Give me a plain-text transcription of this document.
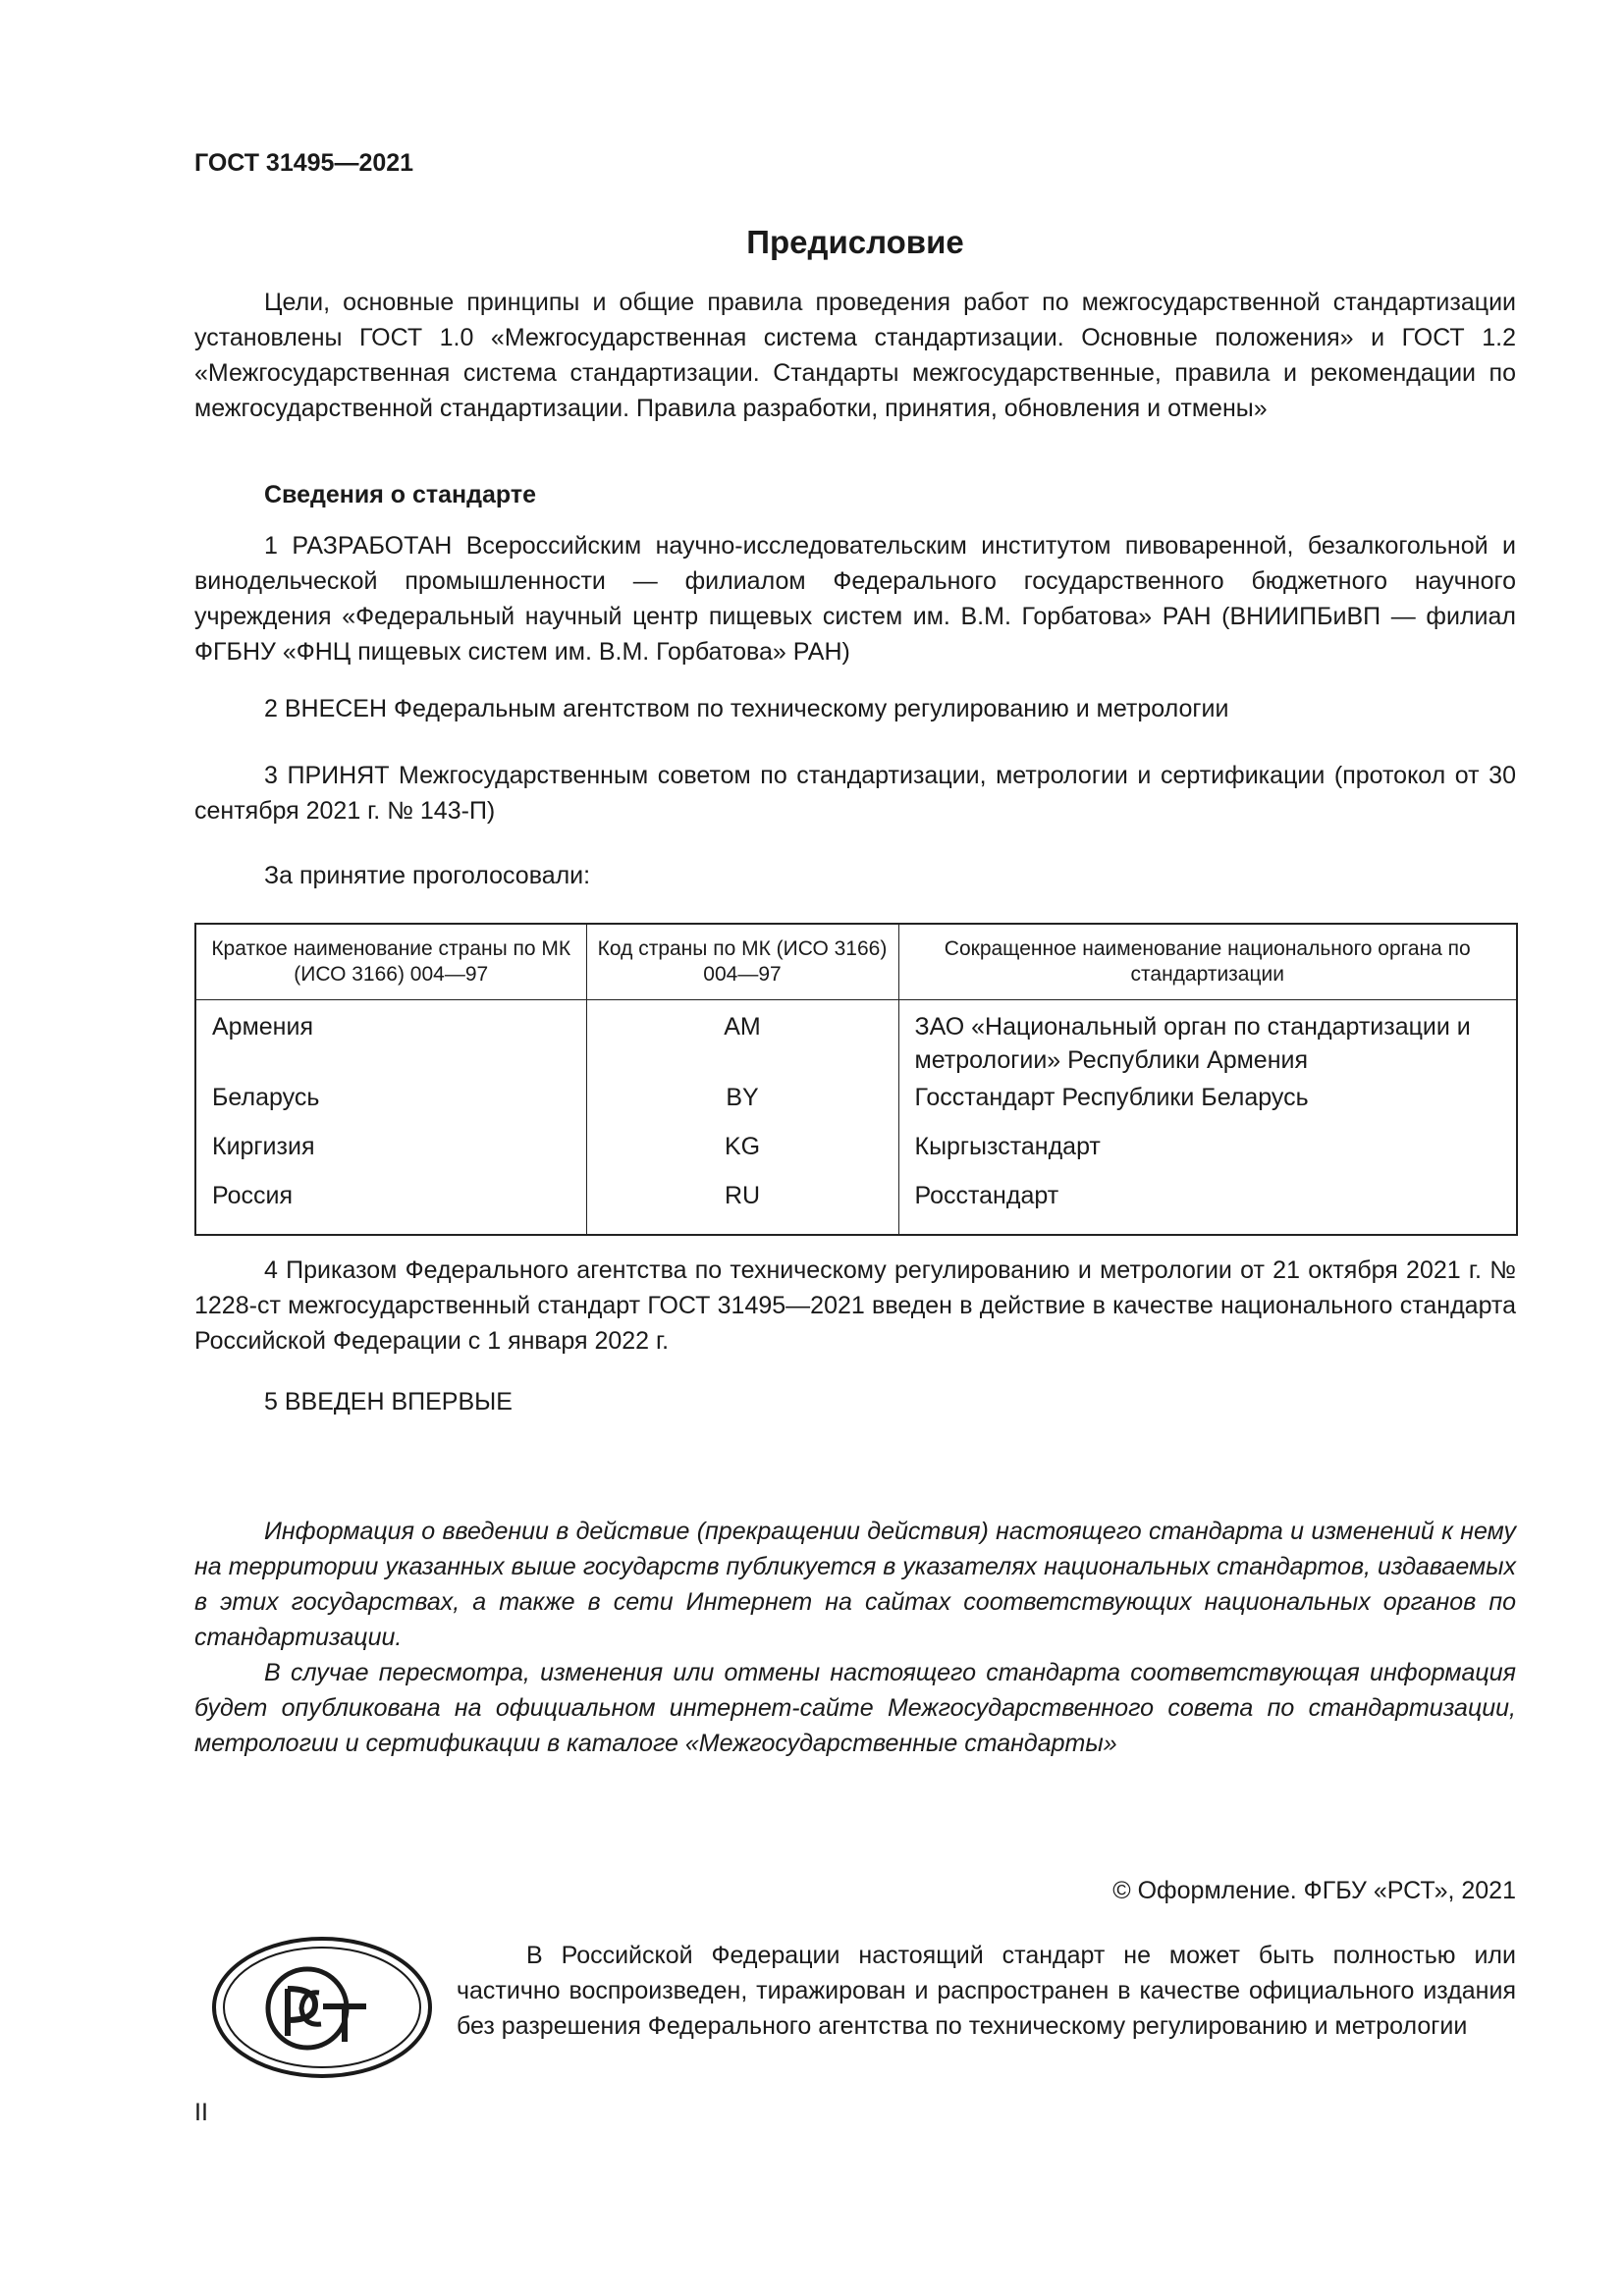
ГОСТ 31495—2021
Предисловие

Цели, основные принципы и общие правила проведения работ по межгосударственной стандартизации установлены ГОСТ 1.0 «Межгосударственная система стандартизации. Основные положения» и ГОСТ 1.2 «Межгосударственная система стандартизации. Стандарты межгосударственные, правила и рекомендации по межгосударственной стандартизации. Правила разработки, принятия, обновления и отмены»

Сведения о стандарте

1 РАЗРАБОТАН Всероссийским научно-исследовательским институтом пивоваренной, безалкогольной и винодельческой промышленности — филиалом Федерального государственного бюджетного научного учреждения «Федеральный научный центр пищевых систем им. В.М. Горбатова» РАН (ВНИИПБиВП — филиал ФГБНУ «ФНЦ пищевых систем им. В.М. Горбатова» РАН)

2 ВНЕСЕН Федеральным агентством по техническому регулированию и метрологии

3 ПРИНЯТ Межгосударственным советом по стандартизации, метрологии и сертификации (протокол от 30 сентября 2021 г. № 143-П)

За принятие проголосовали:

Краткое наименование страны по МК (ИСО 3166) 004—97	Код страны по МК (ИСО 3166) 004—97	Сокращенное наименование национального органа по стандартизации
Армения	AM	ЗАО «Национальный орган по стандартизации и метрологии» Республики Армения
Беларусь	BY	Госстандарт Республики Беларусь
Киргизия	KG	Кыргызстандарт
Россия	RU	Росстандарт

4 Приказом Федерального агентства по техническому регулированию и метрологии от 21 октября 2021 г. № 1228-ст межгосударственный стандарт ГОСТ 31495—2021 введен в действие в качестве национального стандарта Российской Федерации с 1 января 2022 г.

5 ВВЕДЕН ВПЕРВЫЕ

Информация о введении в действие (прекращении действия) настоящего стандарта и изменений к нему на территории указанных выше государств публикуется в указателях национальных стандартов, издаваемых в этих государствах, а также в сети Интернет на сайтах соответствующих национальных органов по стандартизации.

В случае пересмотра, изменения или отмены настоящего стандарта соответствующая информация будет опубликована на официальном интернет-сайте Межгосударственного совета по стандартизации, метрологии и сертификации в каталоге «Межгосударственные стандарты»

© Оформление. ФГБУ «РСТ», 2021

В Российской Федерации настоящий стандарт не может быть полностью или частично воспроизведен, тиражирован и распространен в качестве официального издания без разрешения Федерального агентства по техническому регулированию и метрологии

II
